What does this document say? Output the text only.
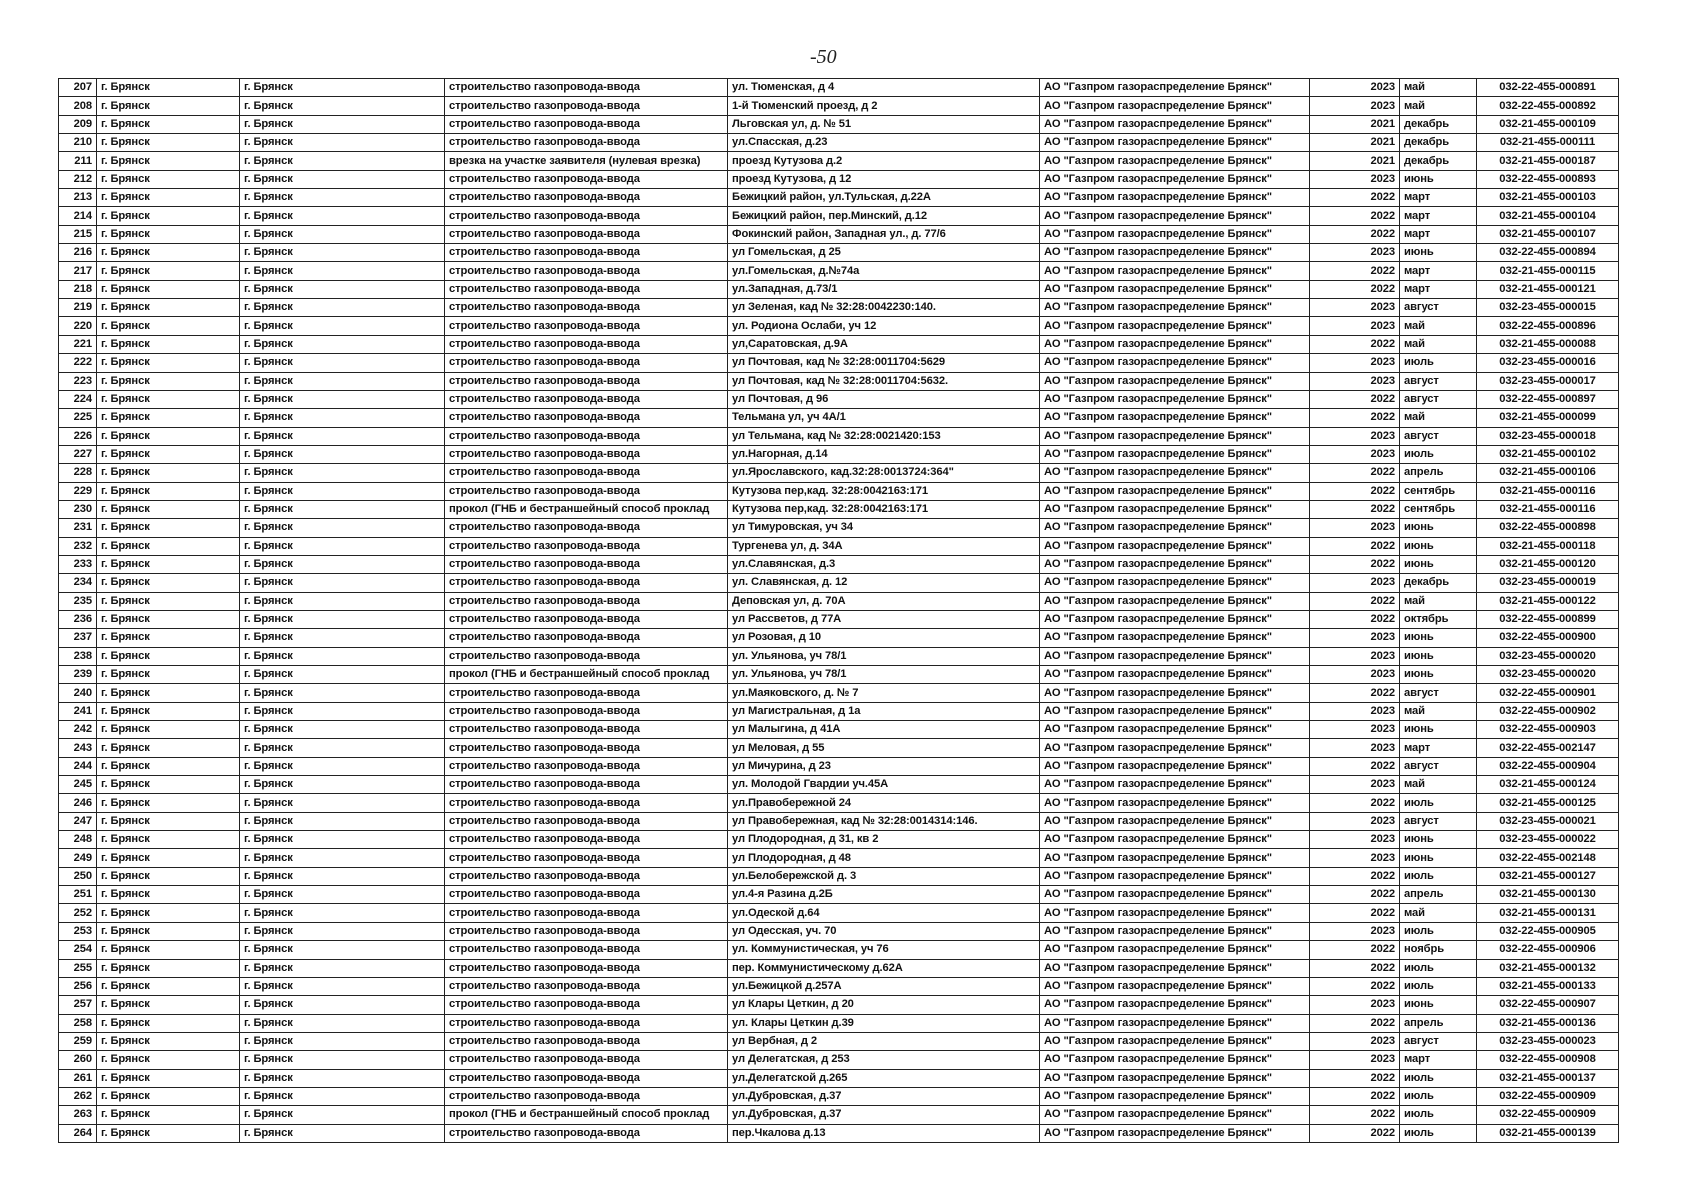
-50
207	г. Брянск	г. Брянск	строительство газопровода-ввода	ул. Тюменская, д 4	АО "Газпром газораспределение Брянск"	2023	май	032-22-455-000891
208	г. Брянск	г. Брянск	строительство газопровода-ввода	1-й Тюменский проезд, д 2	АО "Газпром газораспределение Брянск"	2023	май	032-22-455-000892
209	г. Брянск	г. Брянск	строительство газопровода-ввода	Льговская ул, д. № 51	АО "Газпром газораспределение Брянск"	2021	декабрь	032-21-455-000109
210	г. Брянск	г. Брянск	строительство газопровода-ввода	ул.Спасская, д.23	АО "Газпром газораспределение Брянск"	2021	декабрь	032-21-455-000111
211	г. Брянск	г. Брянск	врезка на участке заявителя (нулевая врезка)	проезд Кутузова д.2	АО "Газпром газораспределение Брянск"	2021	декабрь	032-21-455-000187
212	г. Брянск	г. Брянск	строительство газопровода-ввода	проезд Кутузова, д 12	АО "Газпром газораспределение Брянск"	2023	июнь	032-22-455-000893
213	г. Брянск	г. Брянск	строительство газопровода-ввода	Бежицкий район, ул.Тульская, д.22А	АО "Газпром газораспределение Брянск"	2022	март	032-21-455-000103
214	г. Брянск	г. Брянск	строительство газопровода-ввода	Бежицкий район, пер.Минский, д.12	АО "Газпром газораспределение Брянск"	2022	март	032-21-455-000104
215	г. Брянск	г. Брянск	строительство газопровода-ввода	Фокинский район, Западная ул., д. 77/6	АО "Газпром газораспределение Брянск"	2022	март	032-21-455-000107
216	г. Брянск	г. Брянск	строительство газопровода-ввода	ул Гомельская, д 25	АО "Газпром газораспределение Брянск"	2023	июнь	032-22-455-000894
217	г. Брянск	г. Брянск	строительство газопровода-ввода	ул.Гомельская, д.№74а	АО "Газпром газораспределение Брянск"	2022	март	032-21-455-000115
218	г. Брянск	г. Брянск	строительство газопровода-ввода	ул.Западная, д.73/1	АО "Газпром газораспределение Брянск"	2022	март	032-21-455-000121
219	г. Брянск	г. Брянск	строительство газопровода-ввода	ул Зеленая, кад № 32:28:0042230:140.	АО "Газпром газораспределение Брянск"	2023	август	032-23-455-000015
220	г. Брянск	г. Брянск	строительство газопровода-ввода	ул. Родиона Ослаби, уч 12	АО "Газпром газораспределение Брянск"	2023	май	032-22-455-000896
221	г. Брянск	г. Брянск	строительство газопровода-ввода	ул,Саратовская, д.9А	АО "Газпром газораспределение Брянск"	2022	май	032-21-455-000088
222	г. Брянск	г. Брянск	строительство газопровода-ввода	ул Почтовая, кад № 32:28:0011704:5629	АО "Газпром газораспределение Брянск"	2023	июль	032-23-455-000016
223	г. Брянск	г. Брянск	строительство газопровода-ввода	ул Почтовая, кад № 32:28:0011704:5632.	АО "Газпром газораспределение Брянск"	2023	август	032-23-455-000017
224	г. Брянск	г. Брянск	строительство газопровода-ввода	ул Почтовая, д 96	АО "Газпром газораспределение Брянск"	2022	август	032-22-455-000897
225	г. Брянск	г. Брянск	строительство газопровода-ввода	Тельмана ул, уч 4А/1	АО "Газпром газораспределение Брянск"	2022	май	032-21-455-000099
226	г. Брянск	г. Брянск	строительство газопровода-ввода	ул Тельмана, кад № 32:28:0021420:153	АО "Газпром газораспределение Брянск"	2023	август	032-23-455-000018
227	г. Брянск	г. Брянск	строительство газопровода-ввода	ул.Нагорная, д.14	АО "Газпром газораспределение Брянск"	2023	июль	032-21-455-000102
228	г. Брянск	г. Брянск	строительство газопровода-ввода	ул.Ярославского, кад.32:28:0013724:364"	АО "Газпром газораспределение Брянск"	2022	апрель	032-21-455-000106
229	г. Брянск	г. Брянск	строительство газопровода-ввода	Кутузова пер,кад. 32:28:0042163:171	АО "Газпром газораспределение Брянск"	2022	сентябрь	032-21-455-000116
230	г. Брянск	г. Брянск	прокол (ГНБ и бестраншейный способ проклад	Кутузова пер,кад. 32:28:0042163:171	АО "Газпром газораспределение Брянск"	2022	сентябрь	032-21-455-000116
231	г. Брянск	г. Брянск	строительство газопровода-ввода	ул Тимуровская, уч 34	АО "Газпром газораспределение Брянск"	2023	июнь	032-22-455-000898
232	г. Брянск	г. Брянск	строительство газопровода-ввода	Тургенева ул, д. 34А	АО "Газпром газораспределение Брянск"	2022	июнь	032-21-455-000118
233	г. Брянск	г. Брянск	строительство газопровода-ввода	ул.Славянская, д.3	АО "Газпром газораспределение Брянск"	2022	июнь	032-21-455-000120
234	г. Брянск	г. Брянск	строительство газопровода-ввода	ул. Славянская, д. 12	АО "Газпром газораспределение Брянск"	2023	декабрь	032-23-455-000019
235	г. Брянск	г. Брянск	строительство газопровода-ввода	Деповская ул, д. 70А	АО "Газпром газораспределение Брянск"	2022	май	032-21-455-000122
236	г. Брянск	г. Брянск	строительство газопровода-ввода	ул Рассветов, д 77А	АО "Газпром газораспределение Брянск"	2022	октябрь	032-22-455-000899
237	г. Брянск	г. Брянск	строительство газопровода-ввода	ул Розовая, д 10	АО "Газпром газораспределение Брянск"	2023	июнь	032-22-455-000900
238	г. Брянск	г. Брянск	строительство газопровода-ввода	ул. Ульянова, уч 78/1	АО "Газпром газораспределение Брянск"	2023	июнь	032-23-455-000020
239	г. Брянск	г. Брянск	прокол (ГНБ и бестраншейный способ проклад	ул. Ульянова, уч 78/1	АО "Газпром газораспределение Брянск"	2023	июнь	032-23-455-000020
240	г. Брянск	г. Брянск	строительство газопровода-ввода	ул.Маяковского, д. № 7	АО "Газпром газораспределение Брянск"	2022	август	032-22-455-000901
241	г. Брянск	г. Брянск	строительство газопровода-ввода	ул Магистральная, д 1а	АО "Газпром газораспределение Брянск"	2023	май	032-22-455-000902
242	г. Брянск	г. Брянск	строительство газопровода-ввода	ул Малыгина, д 41А	АО "Газпром газораспределение Брянск"	2023	июнь	032-22-455-000903
243	г. Брянск	г. Брянск	строительство газопровода-ввода	ул Меловая, д 55	АО "Газпром газораспределение Брянск"	2023	март	032-22-455-002147
244	г. Брянск	г. Брянск	строительство газопровода-ввода	ул Мичурина, д 23	АО "Газпром газораспределение Брянск"	2022	август	032-22-455-000904
245	г. Брянск	г. Брянск	строительство газопровода-ввода	ул. Молодой Гвардии уч.45А	АО "Газпром газораспределение Брянск"	2023	май	032-21-455-000124
246	г. Брянск	г. Брянск	строительство газопровода-ввода	ул.Правобережной 24	АО "Газпром газораспределение Брянск"	2022	июль	032-21-455-000125
247	г. Брянск	г. Брянск	строительство газопровода-ввода	ул Правобережная, кад № 32:28:0014314:146.	АО "Газпром газораспределение Брянск"	2023	август	032-23-455-000021
248	г. Брянск	г. Брянск	строительство газопровода-ввода	ул Плодородная, д 31, кв 2	АО "Газпром газораспределение Брянск"	2023	июнь	032-23-455-000022
249	г. Брянск	г. Брянск	строительство газопровода-ввода	ул Плодородная, д 48	АО "Газпром газораспределение Брянск"	2023	июнь	032-22-455-002148
250	г. Брянск	г. Брянск	строительство газопровода-ввода	ул.Белобережской д. 3	АО "Газпром газораспределение Брянск"	2022	июль	032-21-455-000127
251	г. Брянск	г. Брянск	строительство газопровода-ввода	ул.4-я Разина д.2Б	АО "Газпром газораспределение Брянск"	2022	апрель	032-21-455-000130
252	г. Брянск	г. Брянск	строительство газопровода-ввода	ул.Одеской д.64	АО "Газпром газораспределение Брянск"	2022	май	032-21-455-000131
253	г. Брянск	г. Брянск	строительство газопровода-ввода	ул Одесская, уч. 70	АО "Газпром газораспределение Брянск"	2023	июль	032-22-455-000905
254	г. Брянск	г. Брянск	строительство газопровода-ввода	ул. Коммунистическая, уч 76	АО "Газпром газораспределение Брянск"	2022	ноябрь	032-22-455-000906
255	г. Брянск	г. Брянск	строительство газопровода-ввода	пер. Коммунистическому д.62А	АО "Газпром газораспределение Брянск"	2022	июль	032-21-455-000132
256	г. Брянск	г. Брянск	строительство газопровода-ввода	ул.Бежицкой д.257А	АО "Газпром газораспределение Брянск"	2022	июль	032-21-455-000133
257	г. Брянск	г. Брянск	строительство газопровода-ввода	ул Клары Цеткин, д 20	АО "Газпром газораспределение Брянск"	2023	июнь	032-22-455-000907
258	г. Брянск	г. Брянск	строительство газопровода-ввода	ул. Клары Цеткин д.39	АО "Газпром газораспределение Брянск"	2022	апрель	032-21-455-000136
259	г. Брянск	г. Брянск	строительство газопровода-ввода	ул Вербная, д 2	АО "Газпром газораспределение Брянск"	2023	август	032-23-455-000023
260	г. Брянск	г. Брянск	строительство газопровода-ввода	ул Делегатская, д 253	АО "Газпром газораспределение Брянск"	2023	март	032-22-455-000908
261	г. Брянск	г. Брянск	строительство газопровода-ввода	ул.Делегатской д.265	АО "Газпром газораспределение Брянск"	2022	июль	032-21-455-000137
262	г. Брянск	г. Брянск	строительство газопровода-ввода	ул.Дубровская, д.37	АО "Газпром газораспределение Брянск"	2022	июль	032-22-455-000909
263	г. Брянск	г. Брянск	прокол (ГНБ и бестраншейный способ проклад	ул.Дубровская, д.37	АО "Газпром газораспределение Брянск"	2022	июль	032-22-455-000909
264	г. Брянск	г. Брянск	строительство газопровода-ввода	пер.Чкалова д.13	АО "Газпром газораспределение Брянск"	2022	июль	032-21-455-000139
